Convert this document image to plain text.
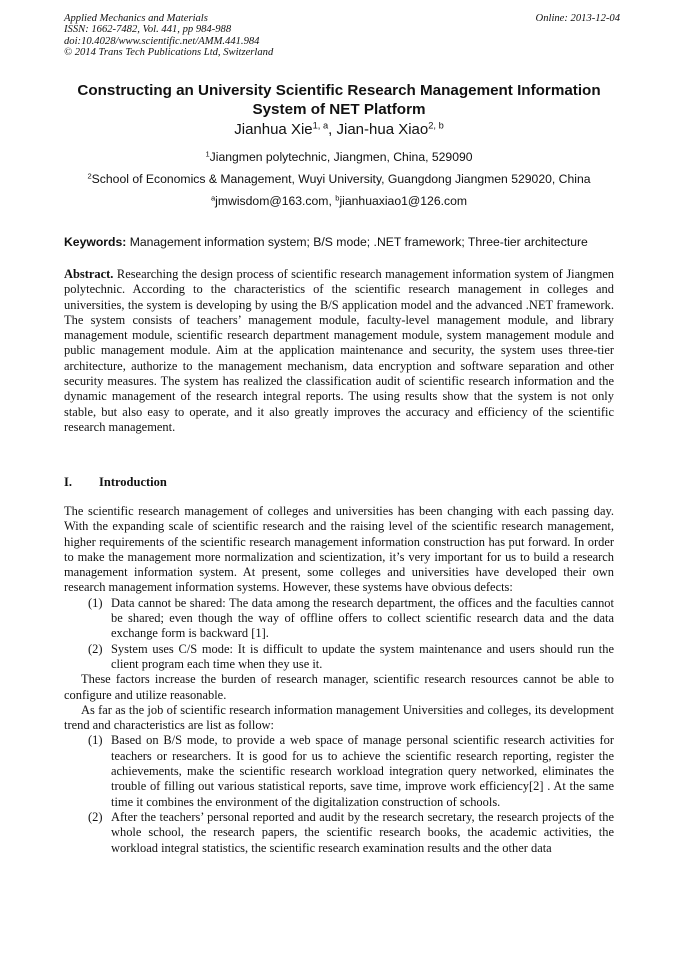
Applied Mechanics and Materials
ISSN: 1662-7482, Vol. 441, pp 984-988
doi:10.4028/www.scientific.net/AMM.441.984
© 2014 Trans Tech Publications Ltd, Switzerland
Online: 2013-12-04
Constructing an University Scientific Research Management Information System of NET Platform
Jianhua Xie$^{1, a}$, Jian-hua Xiao$^{2, b}$
$^1$Jiangmen polytechnic, Jiangmen, China, 529090
$^2$School of Economics & Management, Wuyi University, Guangdong Jiangmen 529020, China
$^a$jmwisdom@163.com, $^b$jianhuaxiao1@126.com
Keywords: Management information system; B/S mode; .NET framework; Three-tier architecture
Abstract. Researching the design process of scientific research management information system of Jiangmen polytechnic. According to the characteristics of the scientific research management in colleges and universities, the system is developing by using the B/S application model and the advanced .NET framework. The system consists of teachers’ management module, faculty-level management module, and library management module, scientific research department management module, system management module and public management module. Aim at the application maintenance and security, the system uses three-tier architecture, authorize to the management mechanism, data encryption and software separation and other security measures. The system has realized the classification audit of scientific research information and the dynamic management of the research integral reports. The using results show that the system is not only stable, but also easy to operate, and it also greatly improves the accuracy and efficiency of the scientific research management.
I. Introduction

The scientific research management of colleges and universities has been changing with each passing day. With the expanding scale of scientific research and the raising level of the scientific research management, higher requirements of the scientific research management information construction has put forward. In order to make the management more normalization and scientization, it’s very important for us to build a research management information system. At present, some colleges and universities have developed their own research management information systems. However, these systems have obvious defects:

(1) Data cannot be shared: The data among the research department, the offices and the faculties cannot be shared; even though the way of offline offers to collect scientific research data and the data exchange form is backward [1].

(2) System uses C/S mode: It is difficult to update the system maintenance and users should run the client program each time when they use it.

These factors increase the burden of research manager, scientific research resources cannot be able to configure and utilize reasonable.

As far as the job of scientific research information management Universities and colleges, its development trend and characteristics are list as follow:

(1) Based on B/S mode, to provide a web space of manage personal scientific research activities for teachers or researchers. It is good for us to achieve the scientific research reporting, register the achievements, make the scientific research workload integration query networked, eliminates the trouble of filling out various statistical reports, save time, improve work efficiency[2] . At the same time it combines the environment of the digitalization construction of schools.

(2) After the teachers’ personal reported and audit by the research secretary, the research projects of the whole school, the research papers, the scientific research books, the academic activities, the workload integral statistics, the scientific research examination results and the other data
